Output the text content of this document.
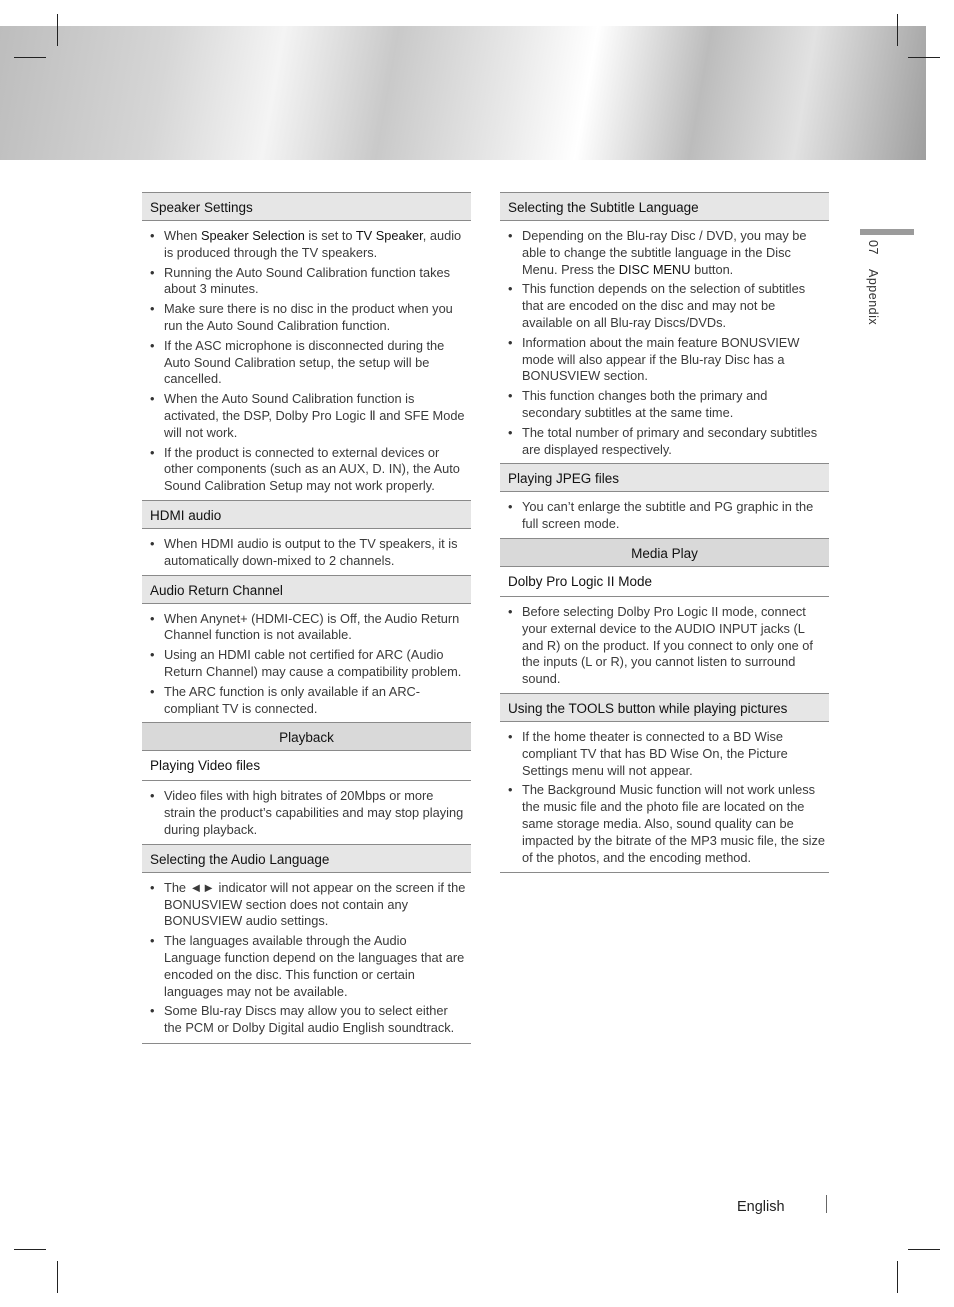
07 Appendix
Speaker Settings
• When Speaker Selection is set to TV Speaker, audio is produced through the TV speakers.
• Running the Auto Sound Calibration function takes about 3 minutes.
• Make sure there is no disc in the product when you run the Auto Sound Calibration function.
• If the ASC microphone is disconnected during the Auto Sound Calibration setup, the setup will be cancelled.
• When the Auto Sound Calibration function is activated, the DSP, Dolby Pro Logic Ⅱ and SFE Mode will not work.
• If the product is connected to external devices or other components (such as an AUX, D. IN), the Auto Sound Calibration Setup may not work properly.
HDMI audio
• When HDMI audio is output to the TV speakers, it is automatically down-mixed to 2 channels.
Audio Return Channel
• When Anynet+ (HDMI-CEC) is Off, the Audio Return Channel function is not available.
• Using an HDMI cable not certified for ARC (Audio Return Channel) may cause a compatibility problem.
• The ARC function is only available if an ARC-compliant TV is connected.
Playback
Playing Video files
• Video files with high bitrates of 20Mbps or more strain the product’s capabilities and may stop playing during playback.
Selecting the Audio Language
• The ◄► indicator will not appear on the screen if the BONUSVIEW section does not contain any BONUSVIEW audio settings.
• The languages available through the Audio Language function depend on the languages that are encoded on the disc. This function or certain languages may not be available.
• Some Blu-ray Discs may allow you to select either the PCM or Dolby Digital audio English soundtrack.
Selecting the Subtitle Language
• Depending on the Blu-ray Disc / DVD, you may be able to change the subtitle language in the Disc Menu. Press the DISC MENU button.
• This function depends on the selection of subtitles that are encoded on the disc and may not be available on all Blu-ray Discs/DVDs.
• Information about the main feature BONUSVIEW mode will also appear if the Blu-ray Disc has a BONUSVIEW section.
• This function changes both the primary and secondary subtitles at the same time.
• The total number of primary and secondary subtitles are displayed respectively.
Playing JPEG files
• You can’t enlarge the subtitle and PG graphic in the full screen mode.
Media Play
Dolby Pro Logic II Mode
• Before selecting Dolby Pro Logic II mode, connect your external device to the AUDIO INPUT jacks (L and R) on the product. If you connect to only one of the inputs (L or R), you cannot listen to surround sound.
Using the TOOLS button while playing pictures
• If the home theater is connected to a BD Wise compliant TV that has BD Wise On, the Picture Settings menu will not appear.
• The Background Music function will not work unless the music file and the photo file are located on the same storage media. Also, sound quality can be impacted by the bitrate of the MP3 music file, the size of the photos, and the encoding method.
English
